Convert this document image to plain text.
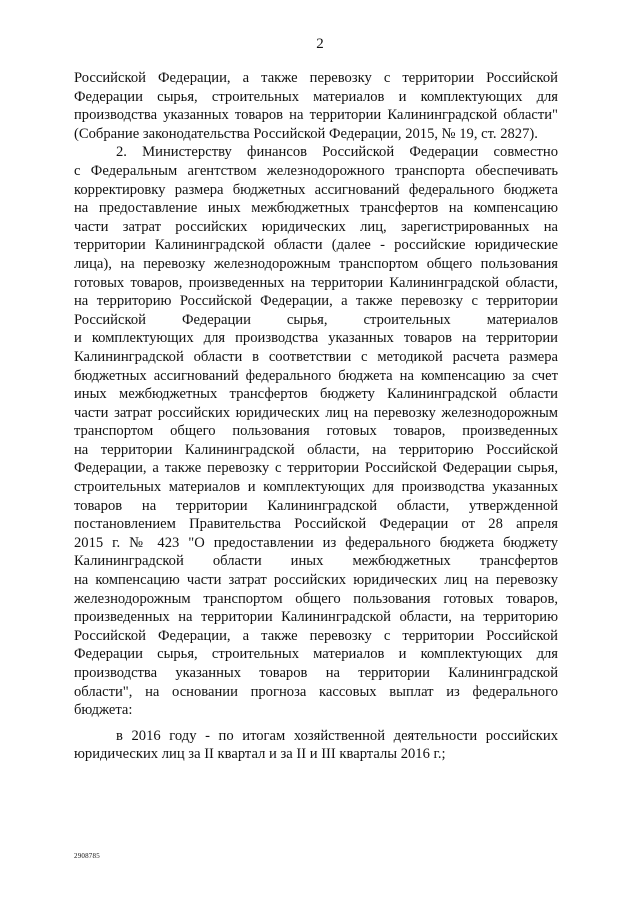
2
Российской Федерации, а также перевозку с территории Российской
Федерации сырья, строительных материалов и комплектующих для
производства указанных товаров на территории Калининградской области"
(Собрание законодательства Российской Федерации, 2015, № 19, ст. 2827).
2. Министерству финансов Российской Федерации совместно
с Федеральным агентством железнодорожного транспорта обеспечивать
корректировку размера бюджетных ассигнований федерального бюджета
на предоставление иных межбюджетных трансфертов на компенсацию
части затрат российских юридических лиц, зарегистрированных на
территории Калининградской области (далее - российские юридические
лица), на перевозку железнодорожным транспортом общего пользования
готовых товаров, произведенных на территории Калининградской области,
на территорию Российской Федерации, а также перевозку с территории
Российской Федерации сырья, строительных материалов
и комплектующих для производства указанных товаров на территории
Калининградской области в соответствии с методикой расчета размера
бюджетных ассигнований федерального бюджета на компенсацию за счет
иных межбюджетных трансфертов бюджету Калининградской области
части затрат российских юридических лиц на перевозку железнодорожным
транспортом общего пользования готовых товаров, произведенных
на территории Калининградской области, на территорию Российской
Федерации, а также перевозку с территории Российской Федерации сырья,
строительных материалов и комплектующих для производства указанных
товаров на территории Калининградской области, утвержденной
постановлением Правительства Российской Федерации от 28 апреля
2015 г. № 423 "О предоставлении из федерального бюджета бюджету
Калининградской области иных межбюджетных трансфертов
на компенсацию части затрат российских юридических лиц на перевозку
железнодорожным транспортом общего пользования готовых товаров,
произведенных на территории Калининградской области, на территорию
Российской Федерации, а также перевозку с территории Российской
Федерации сырья, строительных материалов и комплектующих для
производства указанных товаров на территории Калининградской
области", на основании прогноза кассовых выплат из федерального
бюджета:
в 2016 году - по итогам хозяйственной деятельности российских
юридических лиц за II квартал и за II и III кварталы 2016 г.;
2908785
